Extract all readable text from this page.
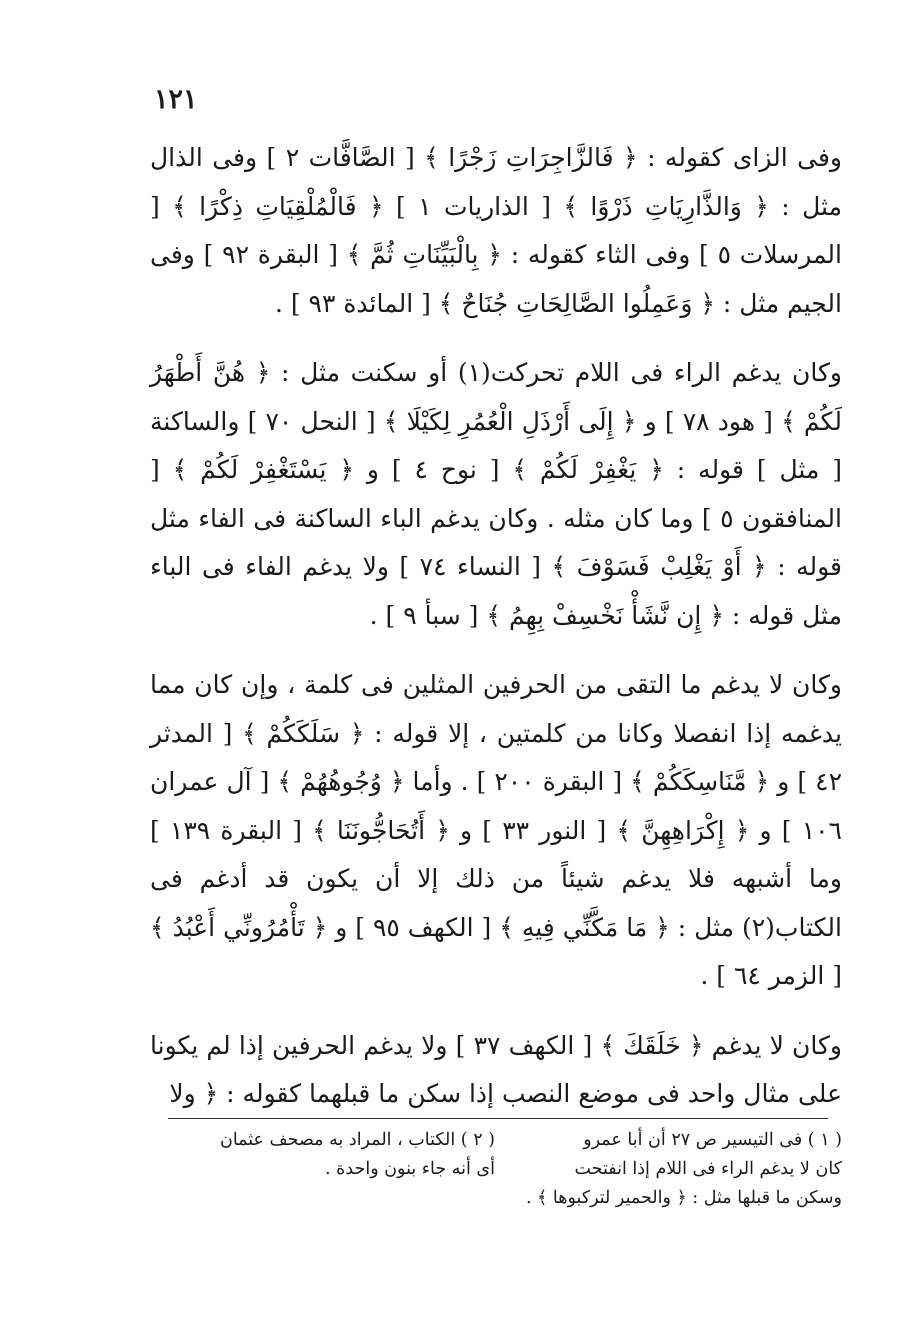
١٢١

وفى الزاى كقوله : ﴿ فَالزَّاجِرَاتِ زَجْرًا ﴾ [ الصَّافَّات ٢ ] وفى الذال مثل : ﴿ وَالذَّارِيَاتِ ذَرْوًا ﴾ [ الذاريات ١ ] ﴿ فَالْمُلْقِيَاتِ ذِكْرًا ﴾ [ المرسلات ٥ ] وفى الثاء كقوله : ﴿ بِالْبَيِّنَاتِ ثُمَّ ﴾ [ البقرة ٩٢ ] وفى الجيم مثل : ﴿ وَعَمِلُوا الصَّالِحَاتِ جُنَاحٌ ﴾ [ المائدة ٩٣ ] .

وكان يدغم الراء فى اللام تحركت(١) أو سكنت مثل : ﴿ هُنَّ أَطْهَرُ لَكُمْ ﴾ [ هود ٧٨ ] و ﴿ إِلَى أَرْذَلِ الْعُمُرِ لِكَيْلَا ﴾ [ النحل ٧٠ ] والساكنة [ مثل ] قوله : ﴿ يَغْفِرْ لَكُمْ ﴾ [ نوح ٤ ] و ﴿ يَسْتَغْفِرْ لَكُمْ ﴾ [ المنافقون ٥ ] وما كان مثله . وكان يدغم الباء الساكنة فى الفاء مثل قوله : ﴿ أَوْ يَغْلِبْ فَسَوْفَ ﴾ [ النساء ٧٤ ] ولا يدغم الفاء فى الباء مثل قوله : ﴿ إِن نَّشَأْ نَخْسِفْ بِهِمُ ﴾ [ سبأ ٩ ] .

وكان لا يدغم ما التقى من الحرفين المثلين فى كلمة ، وإن كان مما يدغمه إذا انفصلا وكانا من كلمتين ، إلا قوله : ﴿ سَلَكَكُمْ ﴾ [ المدثر ٤٢ ] و ﴿ مَّنَاسِكَكُمْ ﴾ [ البقرة ٢٠٠ ] . وأما ﴿ وُجُوهُهُمْ ﴾ [ آل عمران ١٠٦ ] و ﴿ إِكْرَاهِهِنَّ ﴾ [ النور ٣٣ ] و ﴿ أَتُحَاجُّونَنَا ﴾ [ البقرة ١٣٩ ] وما أشبهه فلا يدغم شيئاً من ذلك إلا أن يكون قد أدغم فى الكتاب(٢) مثل : ﴿ مَا مَكَّنِّي فِيهِ ﴾ [ الكهف ٩٥ ] و ﴿ تَأْمُرُونِّي أَعْبُدُ ﴾ [ الزمر ٦٤ ] .

وكان لا يدغم ﴿ خَلَقَكَ ﴾ [ الكهف ٣٧ ] ولا يدغم الحرفين إذا لم يكونا على مثال واحد فى موضع النصب إذا سكن ما قبلهما كقوله : ﴿ ولا

( ١ ) فى التيسير ص ٢٧ أن أبا عمرو
كان لا يدغم الراء فى اللام إذا انفتحت
( ٢ ) الكتاب ، المراد به مصحف عثمان
أى أنه جاء بنون واحدة .
وسكن ما قبلها مثل : ﴿ والحمير لتركبوها ﴾ .
